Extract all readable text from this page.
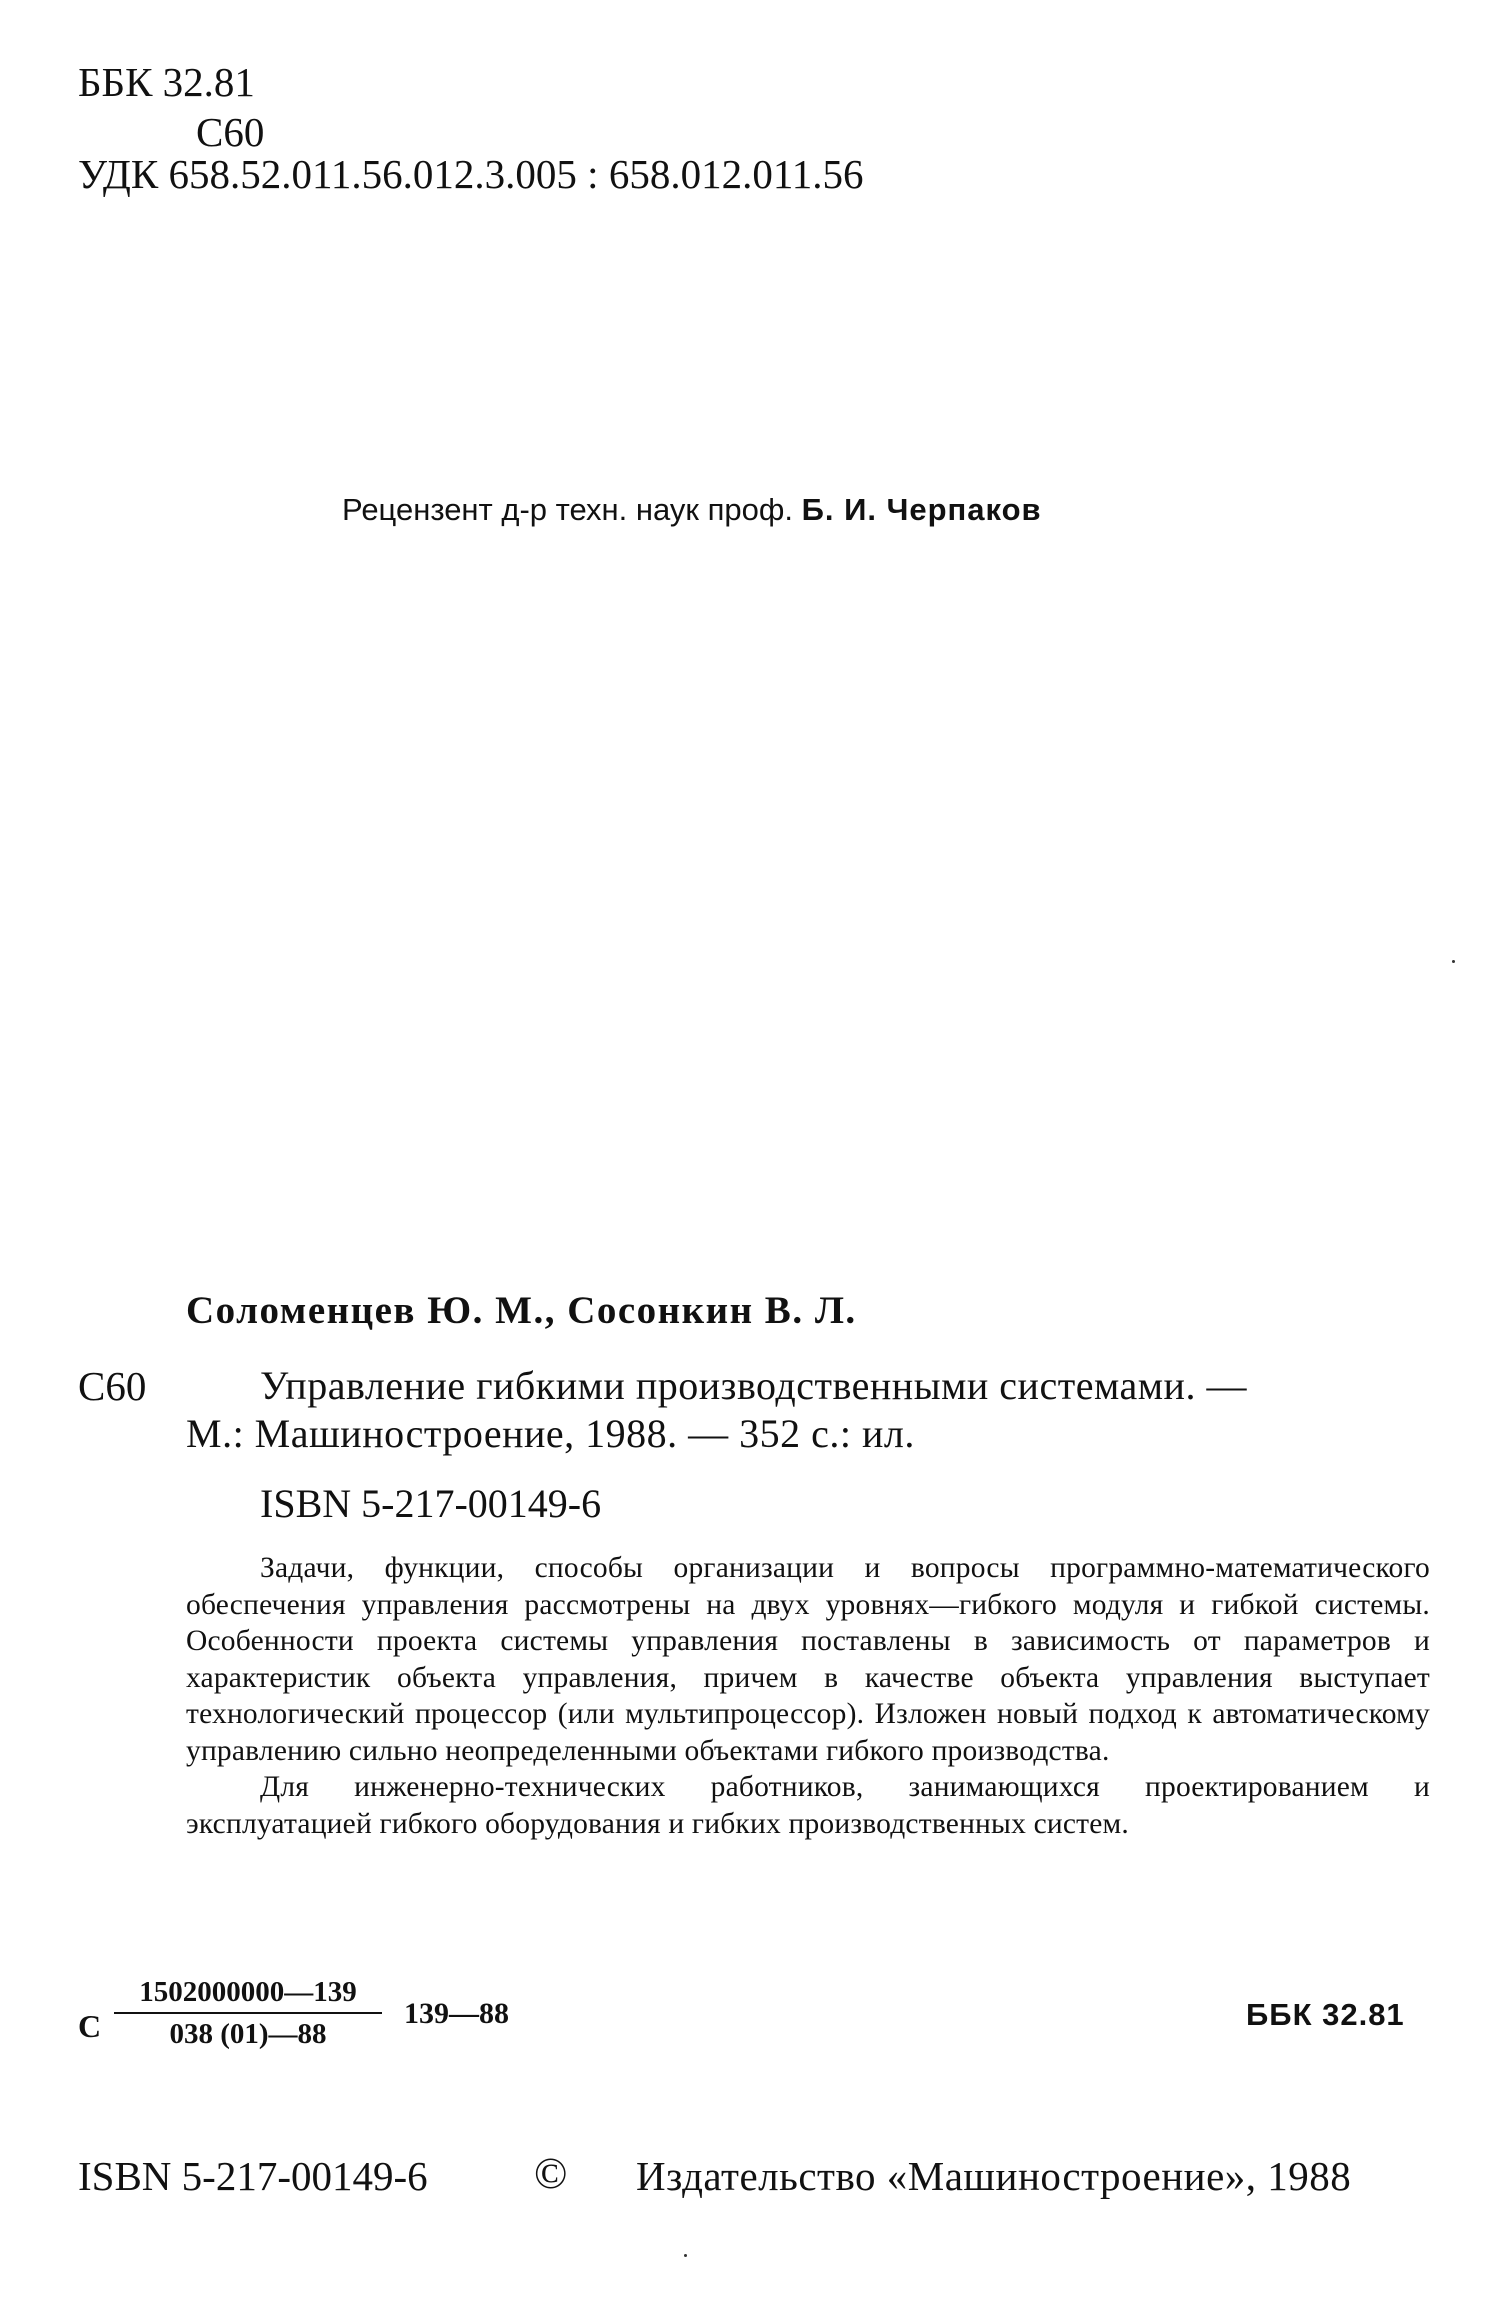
ББК 32.81
С60
УДК 658.52.011.56.012.3.005 : 658.012.011.56
Рецензент д-р техн. наук проф. Б. И. Черпаков
Соломенцев Ю. М., Сосонкин В. Л.
С60	Управление гибкими производственными системами. —
М.: Машиностроение, 1988. — 352 с.: ил.
ISBN 5-217-00149-6

Задачи, функции, способы организации и вопросы программно-математического обеспечения управления рассмотрены на двух уровнях—гибкого модуля и гибкой системы. Особенности проекта системы управления поставлены в зависимость от параметров и характеристик объекта управления, причем в качестве объекта управления выступает технологический процессор (или мультипроцессор). Изложен новый подход к автоматическому управлению сильно неопределенными объектами гибкого производства.

Для инженерно-технических работников, занимающихся проектированием и эксплуатацией гибкого оборудования и гибких производственных систем.

С $\frac{1502000000—139}{038 (01)—88}$ 139—88	ББК 32.81
ISBN 5-217-00149-6 © Издательство «Машиностроение», 1988
